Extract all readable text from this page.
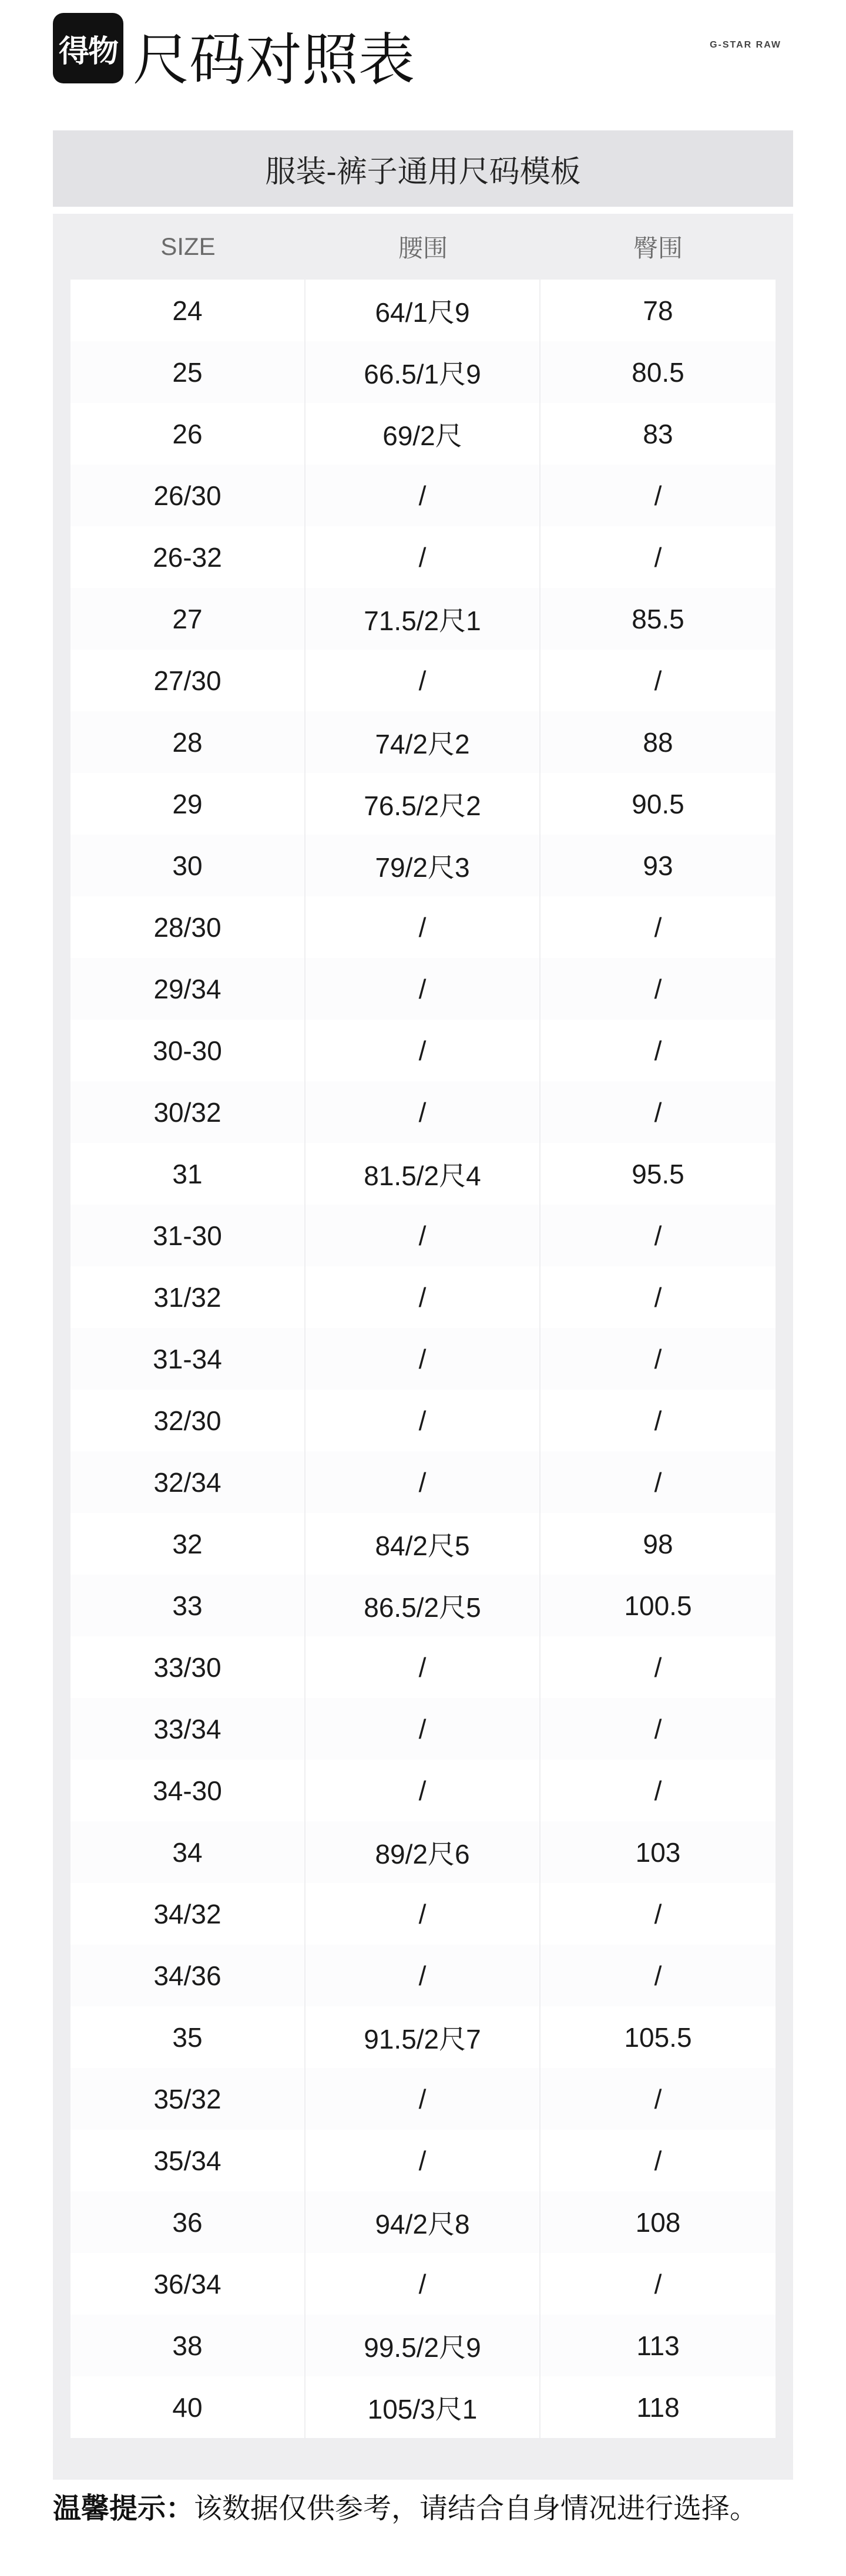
得物 尺码对照表	G-STAR RAW
服装-裤子通用尺码模板
SIZE	腰围	臀围
24	64/1尺9	78
25	66.5/1尺9	80.5
26	69/2尺	83
26/30	/	/
26-32	/	/
27	71.5/2尺1	85.5
27/30	/	/
28	74/2尺2	88
29	76.5/2尺2	90.5
30	79/2尺3	93
28/30	/	/
29/34	/	/
30-30	/	/
30/32	/	/
31	81.5/2尺4	95.5
31-30	/	/
31/32	/	/
31-34	/	/
32/30	/	/
32/34	/	/
32	84/2尺5	98
33	86.5/2尺5	100.5
33/30	/	/
33/34	/	/
34-30	/	/
34	89/2尺6	103
34/32	/	/
34/36	/	/
35	91.5/2尺7	105.5
35/32	/	/
35/34	/	/
36	94/2尺8	108
36/34	/	/
38	99.5/2尺9	113
40	105/3尺1	118
温馨提示：该数据仅供参考，请结合自身情况进行选择。
